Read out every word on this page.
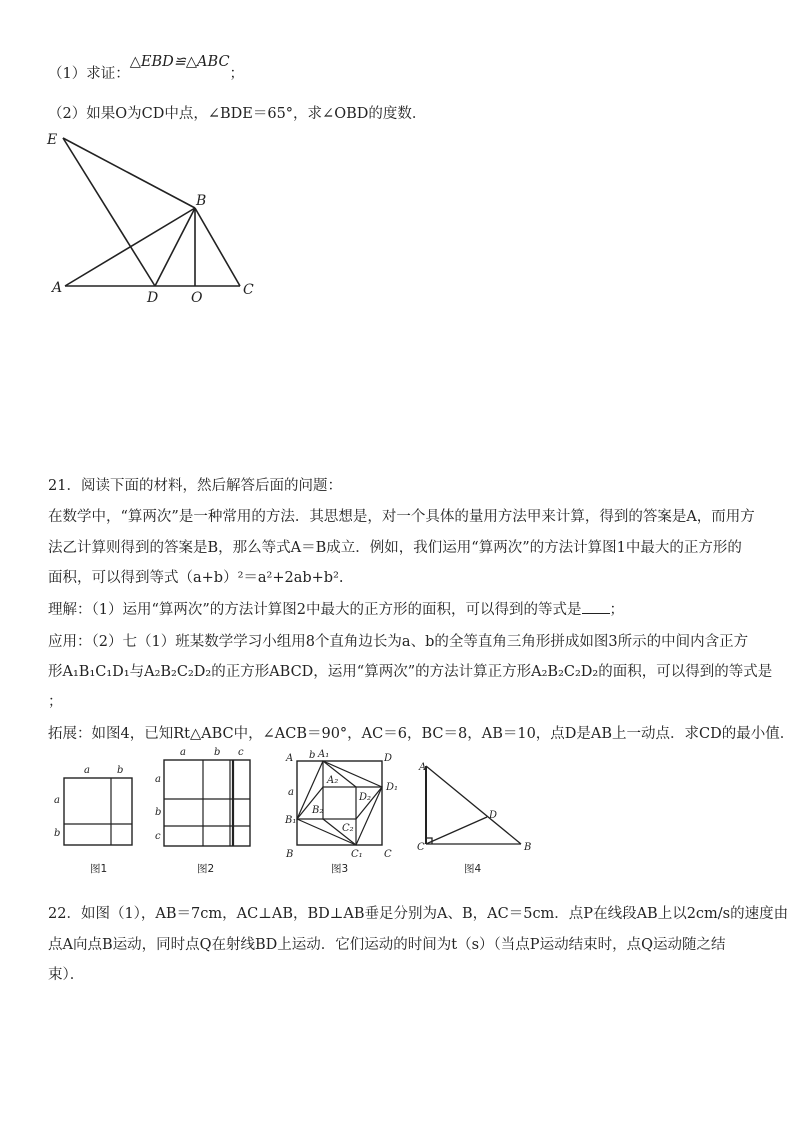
（1）求证：△EBD≌△ABC；
（2）如果O为CD中点，∠BDE＝65°，求∠OBD的度数．
21．阅读下面的材料，然后解答后面的问题：
在数学中，“算两次”是一种常用的方法．其思想是，对一个具体的量用方法甲来计算，得到的答案是A，而用方
法乙计算则得到的答案是B，那么等式A＝B成立．例如，我们运用“算两次”的方法计算图1中最大的正方形的
面积，可以得到等式（a+b）²＝a²+2ab+b².
理解：（1）运用“算两次”的方法计算图2中最大的正方形的面积，可以得到的等式是 ；
应用：（2）七（1）班某数学学习小组用8个直角边长为a、b的全等直角三角形拼成如图3所示的中间内含正方
形A₁B₁C₁D₁与A₂B₂C₂D₂的正方形ABCD，运用“算两次”的方法计算正方形A₂B₂C₂D₂的面积，可以得到的等式是
；
拓展：如图4，已知Rt△ABC中，∠ACB＝90°，AC＝6，BC＝8，AB＝10，点D是AB上一动点．求CD的最小值．
22．如图（1），AB＝7cm，AC⊥AB，BD⊥AB垂足分别为A、B，AC＝5cm．点P在线段AB上以2cm/s的速度由
点A向点B运动，同时点Q在射线BD上运动．它们运动的时间为t（s）（当点P运动结束时，点Q运动随之结
束）．
E
B
A
D O	C
a	b
a
b
图1
a	b c
a
b
c
图2
A b A₁	D
D₁
a
A₂
D₂
B₂
C₂
B₁
B	C₁ C
图3
A
D
C	B
图4
